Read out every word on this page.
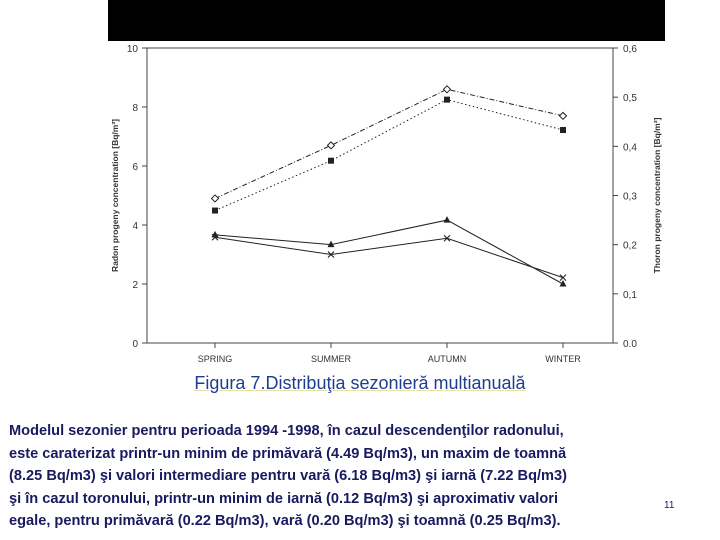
0
2
4
6
8
10
0.0
0,1
0,2
0,3
0,4
0,5
0,6
SPRING	SUMMER	AUTUMN	WINTER
Radon progeny concentration [Bq/m³]	Thoron progeny concentration [Bq/m³]
Figura 7.Distribuţia sezonieră multianuală
Modelul sezonier pentru perioada 1994 -1998, în cazul descendenţilor radonului,
este caraterizat printr-un minim de primăvară (4.49 Bq/m3), un maxim de toamnă
(8.25 Bq/m3) şi valori intermediare pentru vară (6.18 Bq/m3) şi iarnă (7.22 Bq/m3)
şi în cazul toronului, printr-un minim de iarnă (0.12 Bq/m3) şi aproximativ valori
egale, pentru primăvară (0.22 Bq/m3), vară (0.20 Bq/m3) şi toamnă (0.25 Bq/m3).
11
